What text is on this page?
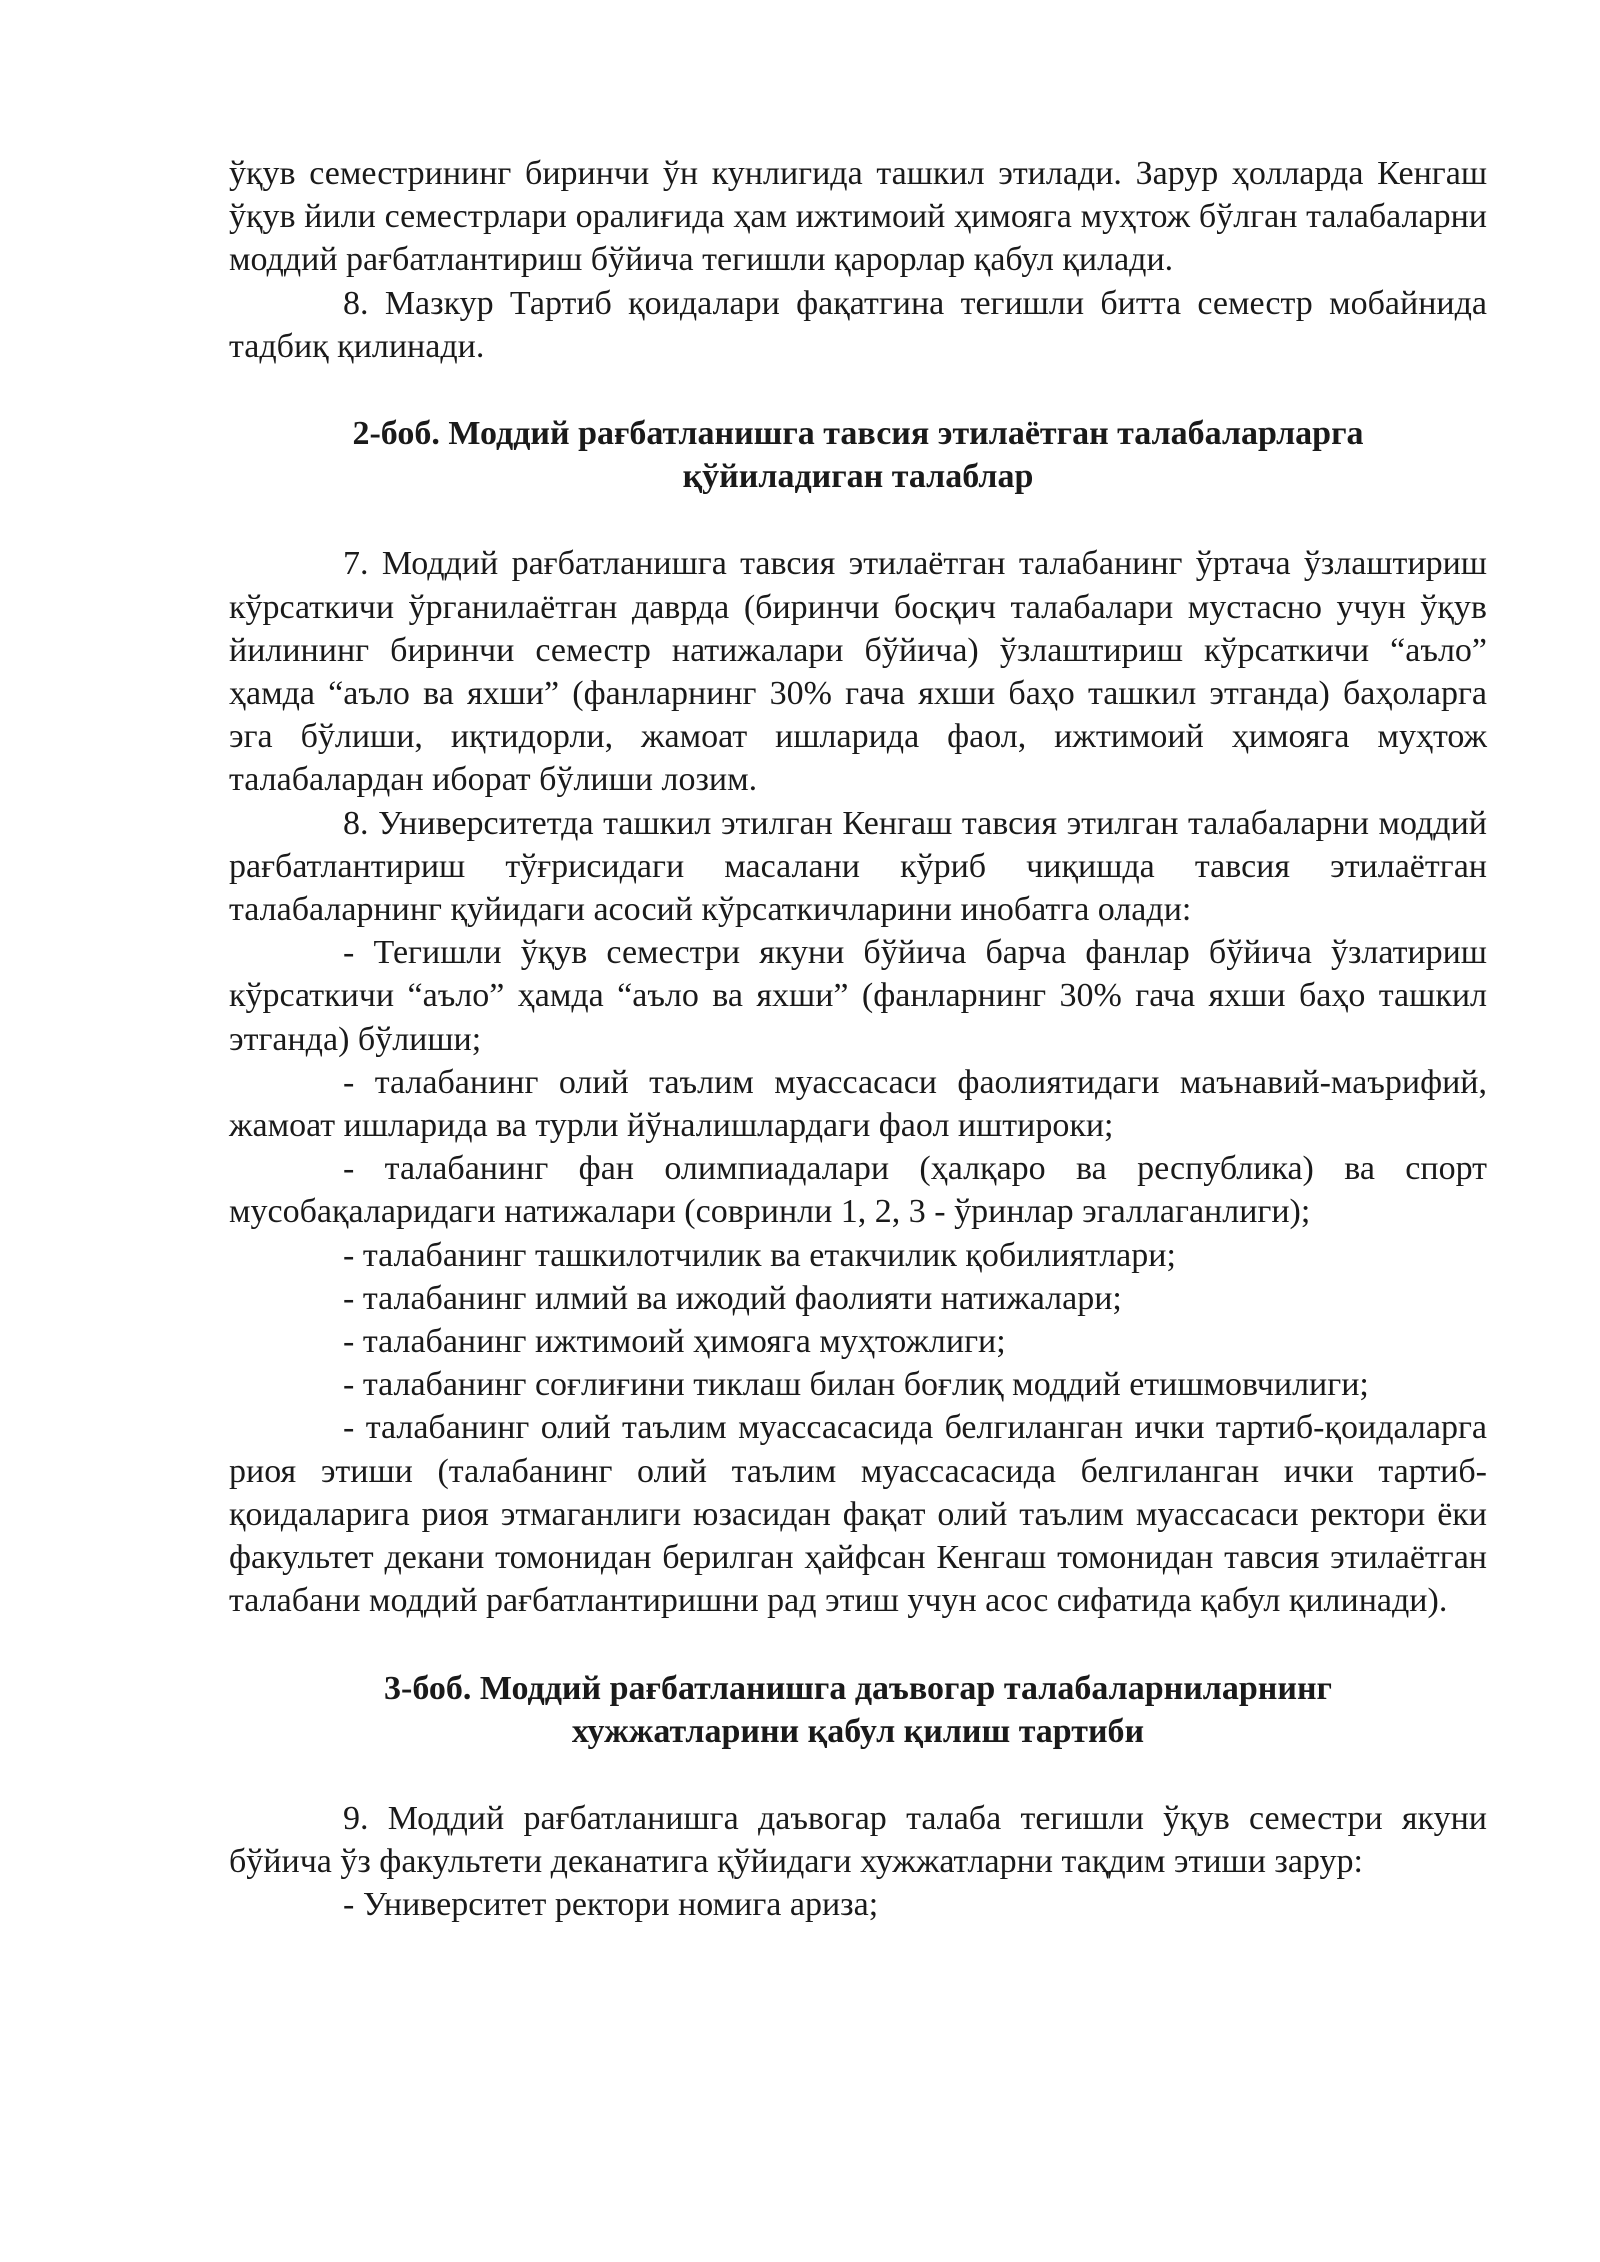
ўқув семестрининг биринчи ўн кунлигида ташкил этилади. Зарур ҳолларда Кенгаш ўқув йили семестрлари оралиғида ҳам ижтимоий ҳимояга муҳтож бўлган талабаларни моддий рағбатлантириш бўйича тегишли қарорлар қабул қилади.

8. Мазкур Тартиб қоидалари фақатгина тегишли битта семестр мобайнида тадбиқ қилинади.

2-боб. Моддий рағбатланишга тавсия этилаётган талабаларларга

қўйиладиган талаблар

7. Моддий рағбатланишга тавсия этилаётган талабанинг ўртача ўзлаштириш кўрсаткичи ўрганилаётган даврда (биринчи босқич талабалари мустасно учун ўқув йилининг биринчи семестр натижалари бўйича) ўзлаштириш кўрсаткичи “аъло” ҳамда “аъло ва яхши” (фанларнинг 30% гача яхши баҳо ташкил этганда) баҳоларга эга бўлиши, иқтидорли, жамоат ишларида фаол, ижтимоий ҳимояга муҳтож талабалардан иборат бўлиши лозим.

8. Университетда ташкил этилган Кенгаш тавсия этилган талабаларни моддий рағбатлантириш тўғрисидаги масалани кўриб чиқишда тавсия этилаётган талабаларнинг қуйидаги асосий кўрсаткичларини инобатга олади:

- Тегишли ўқув семестри якуни бўйича барча фанлар бўйича ўзлатириш кўрсаткичи “аъло” ҳамда “аъло ва яхши” (фанларнинг 30% гача яхши баҳо ташкил этганда) бўлиши;

- талабанинг олий таълим муассасаси фаолиятидаги маънавий-маърифий, жамоат ишларида ва турли йўналишлардаги фаол иштироки;

- талабанинг фан олимпиадалари (ҳалқаро ва республика) ва спорт мусобақаларидаги натижалари (совринли 1, 2, 3 - ўринлар эгаллаганлиги);

- талабанинг ташкилотчилик ва етакчилик қобилиятлари;

- талабанинг илмий ва ижодий фаолияти натижалари;

- талабанинг ижтимоий ҳимояга муҳтожлиги;

- талабанинг соғлиғини тиклаш билан боғлиқ моддий етишмовчилиги;

- талабанинг олий таълим муассасасида белгиланган ички тартиб-қоидаларга риоя этиши (талабанинг олий таълим муассасасида белгиланган ички тартиб-қоидаларига риоя этмаганлиги юзасидан фақат олий таълим муассасаси ректори ёки факультет декани томонидан берилган ҳайфсан Кенгаш томонидан тавсия этилаётган талабани моддий рағбатлантиришни рад этиш учун асос сифатида қабул қилинади).

3-боб. Моддий рағбатланишга даъвогар талабаларниларнинг

хужжатларини қабул қилиш тартиби

9. Моддий рағбатланишга даъвогар талаба тегишли ўқув семестри якуни бўйича ўз факультети деканатига қўйидаги хужжатларни тақдим этиши зарур:

- Университет ректори номига ариза;
